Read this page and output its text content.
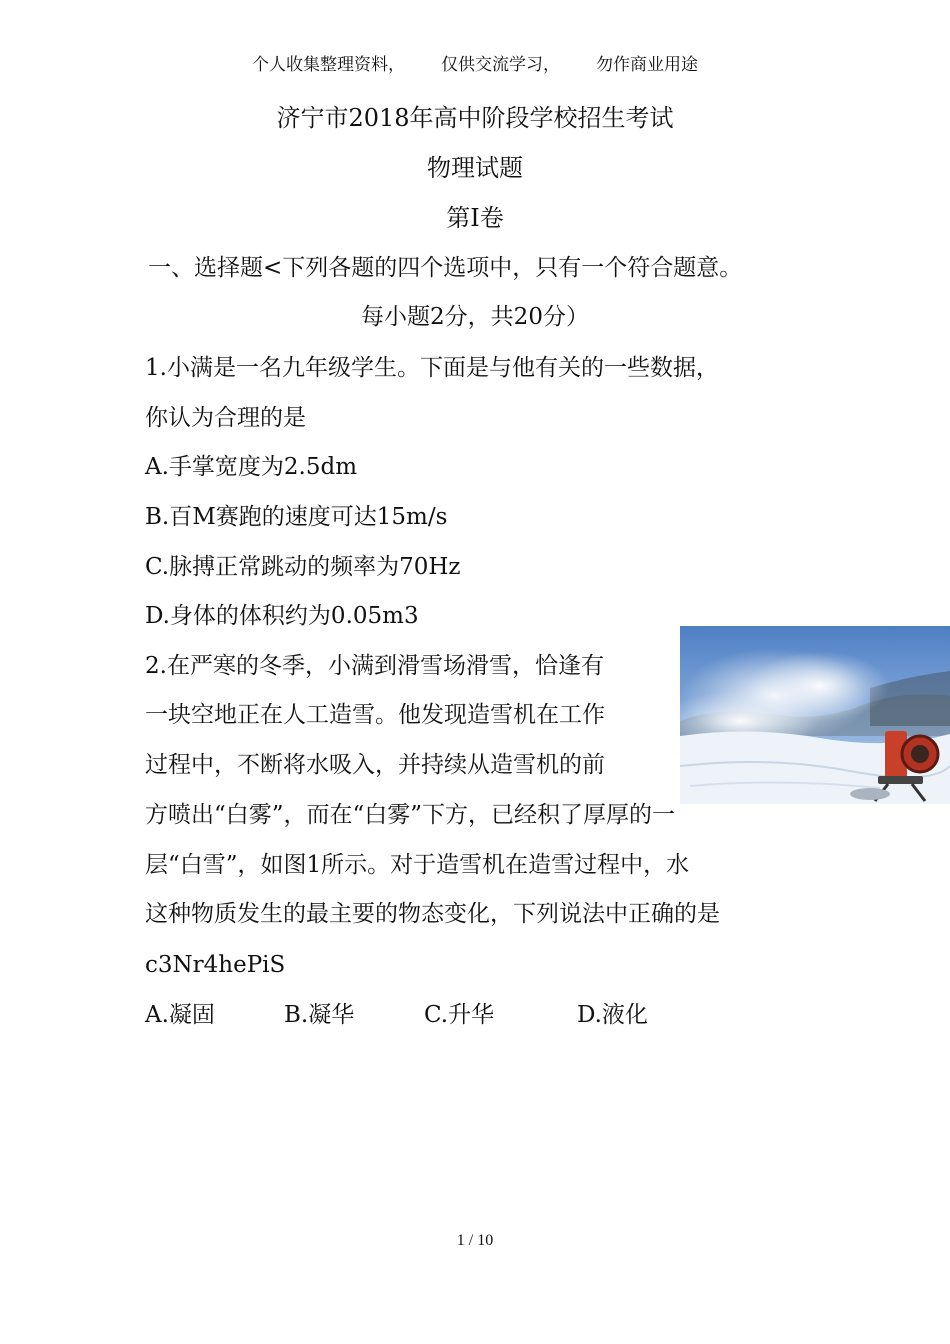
个人收集整理资料， 仅供交流学习， 勿作商业用途
济宁市2018年高中阶段学校招生考试
物理试题
第Ⅰ卷
一、选择题<下列各题的四个选项中，只有一个符合题意。
每小题2分，共20分）
1.小满是一名九年级学生。下面是与他有关的一些数据，
你认为合理的是
A.手掌宽度为2.5dm
B.百M赛跑的速度可达15m/s
C.脉搏正常跳动的频率为70Hz
D.身体的体积约为0.05m3
2.在严寒的冬季，小满到滑雪场滑雪，恰逢有
一块空地正在人工造雪。他发现造雪机在工作
过程中，不断将水吸入，并持续从造雪机的前
方喷出“白雾”，而在“白雾”下方，已经积了厚厚的一
层“白雪”，如图1所示。对于造雪机在造雪过程中，水
这种物质发生的最主要的物态变化，下列说法中正确的是
c3Nr4hePiS
A.凝固	B.凝华	C.升华	D.液化
1 / 10
